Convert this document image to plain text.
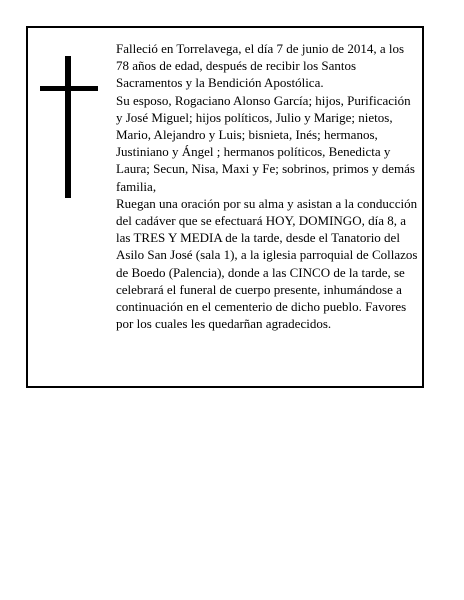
Falleció en Torrelavega, el día 7 de junio de 2014, a los 78 años de edad, después de recibir los Santos Sacramentos y la Bendición Apostólica.

Su esposo, Rogaciano Alonso García; hijos, Purificación y José Miguel; hijos políticos, Julio y Marige; nietos, Mario, Alejandro y Luis; bisnieta, Inés; hermanos, Justiniano y Ángel ; hermanos políticos, Benedicta y Laura; Secun, Nisa, Maxi y Fe; sobrinos, primos y demás familia,

Ruegan una oración por su alma y asistan a la conducción del cadáver que se efectuará HOY, DOMINGO, día 8, a las TRES Y MEDIA de la tarde, desde el Tanatorio del Asilo San José (sala 1), a la iglesia parroquial de Collazos de Boedo (Palencia), donde a las CINCO de la tarde, se celebrará el funeral de cuerpo presente, inhumándose a continuación en el cementerio de dicho pueblo. Favores por los cuales les quedarñan agradecidos.
